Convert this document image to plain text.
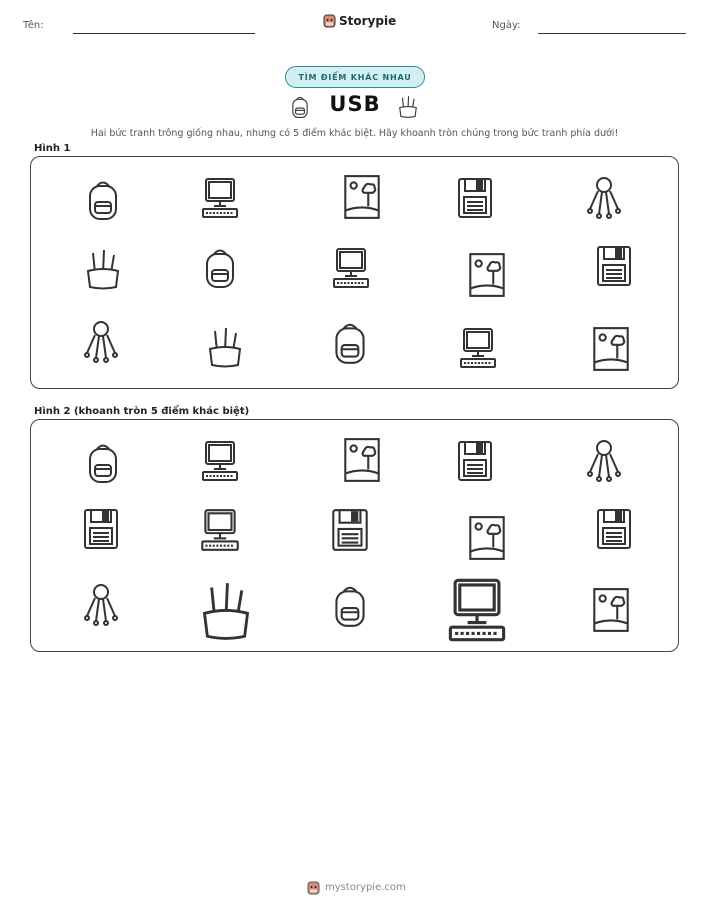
Tên:	Storypie	Ngày:
TÌM ĐIỂM KHÁC NHAU
USB
Hai bức tranh trông giống nhau, nhưng có 5 điểm khác biệt. Hãy khoanh tròn chúng trong bức tranh phía dưới!
Hình 1
Hình 2 (khoanh tròn 5 điểm khác biệt)
mystorypie.com
